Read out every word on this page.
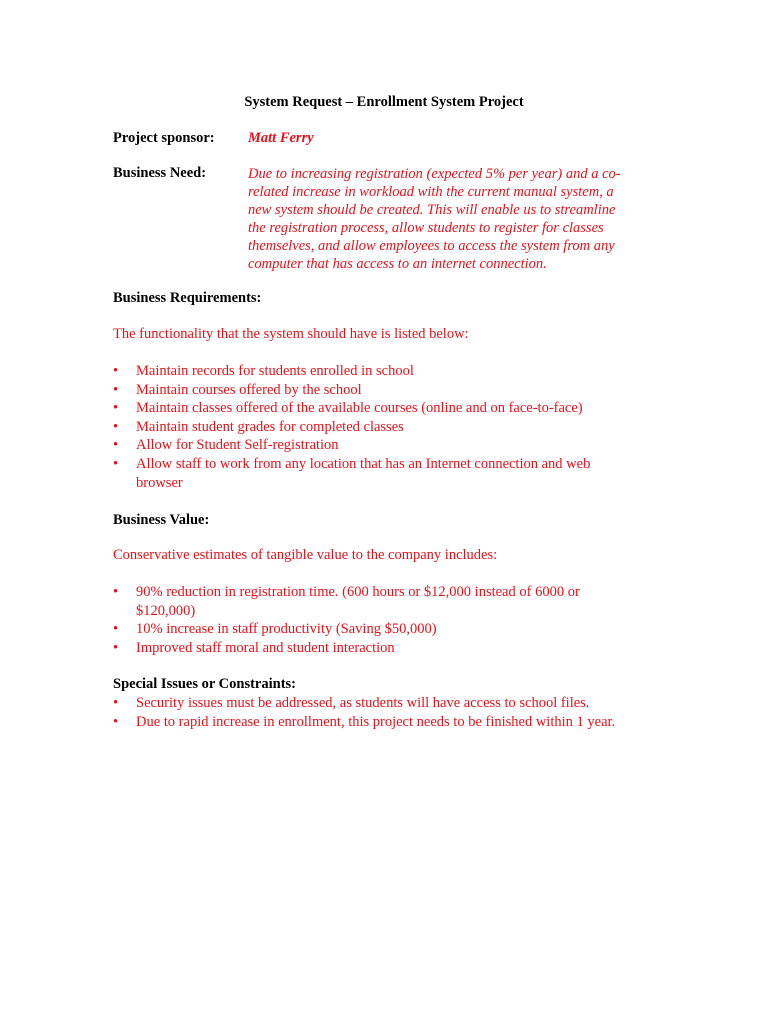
System Request – Enrollment System Project
Project sponsor: Matt Ferry
Business Need:	Due to increasing registration (expected 5% per year) and a co-
related increase in workload with the current manual system, a
new system should be created. This will enable us to streamline
the registration process, allow students to register for classes
themselves, and allow employees to access the system from any
computer that has access to an internet connection.
Business Requirements:
The functionality that the system should have is listed below:
• Maintain records for students enrolled in school
• Maintain courses offered by the school
• Maintain classes offered of the available courses (online and on face-to-face)
• Maintain student grades for completed classes
• Allow for Student Self-registration
• Allow staff to work from any location that has an Internet connection and web
browser
Business Value:
Conservative estimates of tangible value to the company includes:
• 90% reduction in registration time. (600 hours or $12,000 instead of 6000 or
$120,000)
• 10% increase in staff productivity (Saving $50,000)
• Improved staff moral and student interaction
Special Issues or Constraints:
• Security issues must be addressed, as students will have access to school files.
• Due to rapid increase in enrollment, this project needs to be finished within 1 year.
